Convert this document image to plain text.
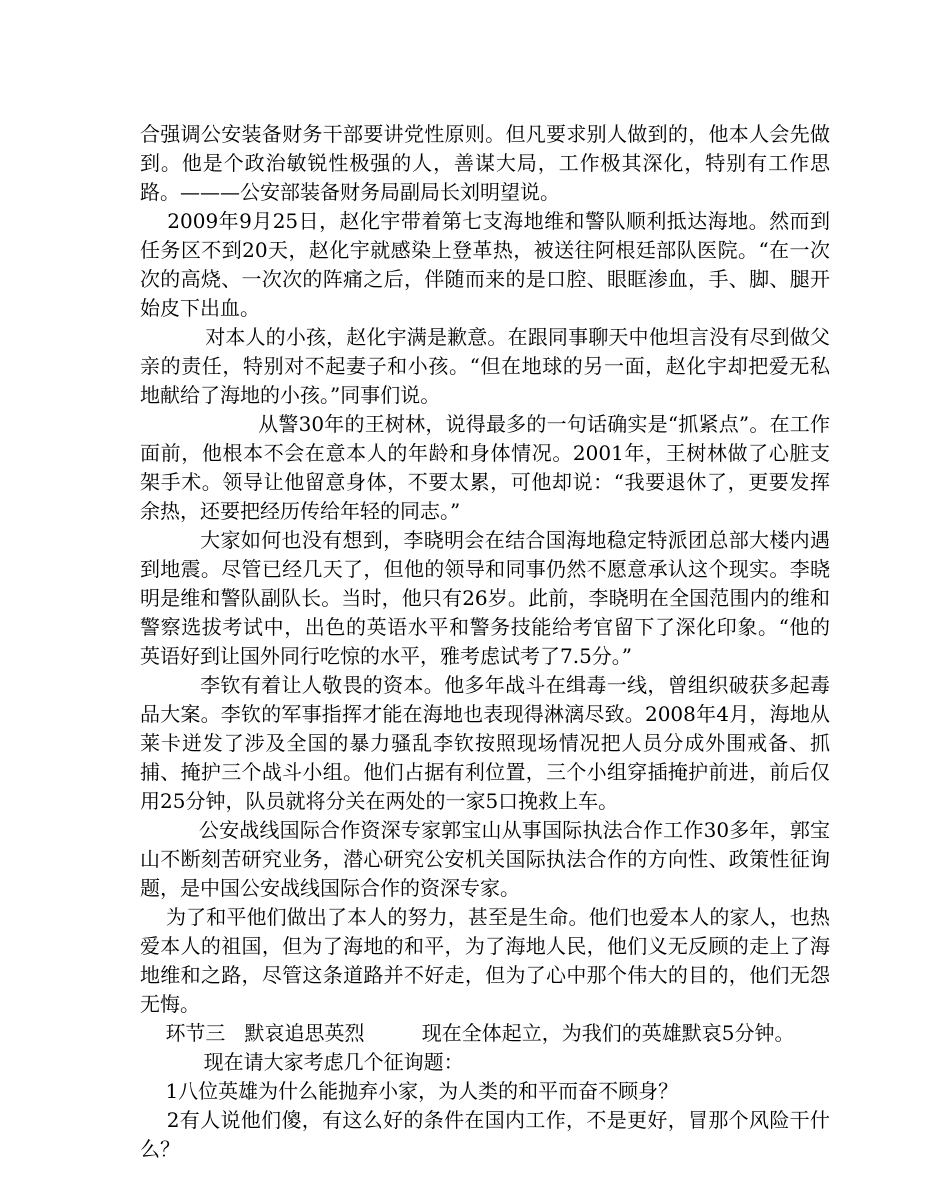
合强调公安装备财务干部要讲党性原则。但凡要求别人做到的，他本人会先做到。他是个政治敏锐性极强的人，善谋大局，工作极其深化，特别有工作思路。———公安部装备财务局副局长刘明望说。

2009年9月25日，赵化宇带着第七支海地维和警队顺利抵达海地。然而到任务区不到20天，赵化宇就感染上登革热，被送往阿根廷部队医院。“在一次次的高烧、一次次的阵痛之后，伴随而来的是口腔、眼眶渗血，手、脚、腿开始皮下出血。

对本人的小孩，赵化宇满是歉意。在跟同事聊天中他坦言没有尽到做父亲的责任，特别对不起妻子和小孩。“但在地球的另一面，赵化宇却把爱无私地献给了海地的小孩。”同事们说。

从警30年的王树林，说得最多的一句话确实是“抓紧点”。在工作面前，他根本不会在意本人的年龄和身体情况。2001年，王树林做了心脏支架手术。领导让他留意身体，不要太累，可他却说：“我要退休了，更要发挥余热，还要把经历传给年轻的同志。”

大家如何也没有想到，李晓明会在结合国海地稳定特派团总部大楼内遇到地震。尽管已经几天了，但他的领导和同事仍然不愿意承认这个现实。李晓明是维和警队副队长。当时，他只有26岁。此前，李晓明在全国范围内的维和警察选拔考试中，出色的英语水平和警务技能给考官留下了深化印象。“他的英语好到让国外同行吃惊的水平，雅考虑试考了7.5分。”

李钦有着让人敬畏的资本。他多年战斗在缉毒一线，曾组织破获多起毒品大案。李钦的军事指挥才能在海地也表现得淋漓尽致。2008年4月，海地从莱卡迸发了涉及全国的暴力骚乱李钦按照现场情况把人员分成外围戒备、抓捕、掩护三个战斗小组。他们占据有利位置，三个小组穿插掩护前进，前后仅用25分钟，队员就将分关在两处的一家5口挽救上车。

公安战线国际合作资深专家郭宝山从事国际执法合作工作30多年，郭宝山不断刻苦研究业务，潜心研究公安机关国际执法合作的方向性、政策性征询题，是中国公安战线国际合作的资深专家。

为了和平他们做出了本人的努力，甚至是生命。他们也爱本人的家人，也热爱本人的祖国，但为了海地的和平，为了海地人民，他们义无反顾的走上了海地维和之路，尽管这条道路并不好走，但为了心中那个伟大的目的，他们无怨无悔。

环节三   默哀追思英烈         现在全体起立，为我们的英雄默哀5分钟。

现在请大家考虑几个征询题：

1八位英雄为什么能抛弃小家，为人类的和平而奋不顾身？

2有人说他们傻，有这么好的条件在国内工作，不是更好，冒那个风险干什么？
